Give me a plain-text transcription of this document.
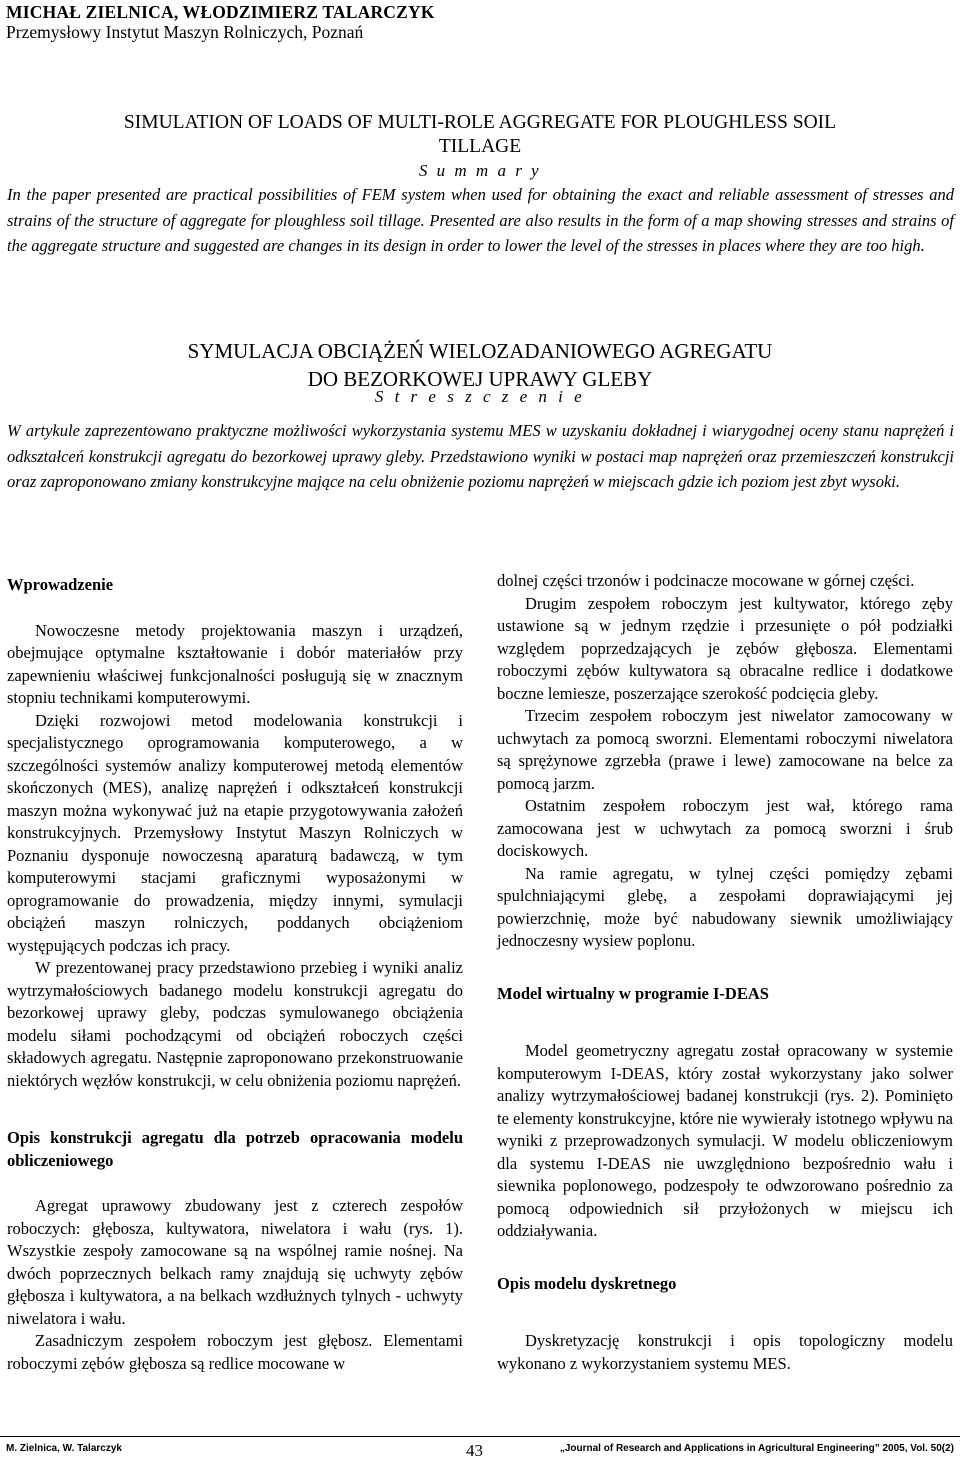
MICHAŁ ZIELNICA, WŁODZIMIERZ TALARCZYK
Przemysłowy Instytut Maszyn Rolniczych, Poznań
SIMULATION OF LOADS OF MULTI-ROLE AGGREGATE FOR PLOUGHLESS SOIL
TILLAGE
S u m m a r y

In the paper presented are practical possibilities of FEM system when used for obtaining the exact and reliable assessment of stresses and strains of the structure of aggregate for ploughless soil tillage. Presented are also results in the form of a map showing stresses and strains of the aggregate structure and suggested are changes in its design in order to lower the level of the stresses in places where they are too high.

SYMULACJA OBCIĄŻEŃ WIELOZADANIOWEGO AGREGATU
DO BEZORKOWEJ UPRAWY GLEBY
S t r e s z c z e n i e

W artykule zaprezentowano praktyczne możliwości wykorzystania systemu MES w uzyskaniu dokładnej i wiarygodnej oceny stanu naprężeń i odkształceń konstrukcji agregatu do bezorkowej uprawy gleby. Przedstawiono wyniki w postaci map naprężeń oraz przemieszczeń konstrukcji oraz zaproponowano zmiany konstrukcyjne mające na celu obniżenie poziomu naprężeń w miejscach gdzie ich poziom jest zbyt wysoki.

Wprowadzenie

Nowoczesne metody projektowania maszyn i urządzeń, obejmujące optymalne kształtowanie i dobór materiałów przy zapewnieniu właściwej funkcjonalności posługują się w znacznym stopniu technikami komputerowymi.

Dzięki rozwojowi metod modelowania konstrukcji i specjalistycznego oprogramowania komputerowego, a w szczególności systemów analizy komputerowej metodą elementów skończonych (MES), analizę naprężeń i odkształceń konstrukcji maszyn można wykonywać już na etapie przygotowywania założeń konstrukcyjnych. Przemysłowy Instytut Maszyn Rolniczych w Poznaniu dysponuje nowoczesną aparaturą badawczą, w tym komputerowymi stacjami graficznymi wyposażonymi w oprogramowanie do prowadzenia, między innymi, symulacji obciążeń maszyn rolniczych, poddanych obciążeniom występujących podczas ich pracy.

W prezentowanej pracy przedstawiono przebieg i wyniki analiz wytrzymałościowych badanego modelu konstrukcji agregatu do bezorkowej uprawy gleby, podczas symulowanego obciążenia modelu siłami pochodzącymi od obciążeń roboczych części składowych agregatu. Następnie zaproponowano przekonstruowanie niektórych węzłów konstrukcji, w celu obniżenia poziomu naprężeń.

Opis konstrukcji agregatu dla potrzeb opracowania modelu obliczeniowego

Agregat uprawowy zbudowany jest z czterech zespołów roboczych: głębosza, kultywatora, niwelatora i wału (rys. 1). Wszystkie zespoły zamocowane są na wspólnej ramie nośnej. Na dwóch poprzecznych belkach ramy znajdują się uchwyty zębów głębosza i kultywatora, a na belkach wzdłużnych tylnych - uchwyty niwelatora i wału.

Zasadniczym zespołem roboczym jest głębosz. Elementami roboczymi zębów głębosza są redlice mocowane w

dolnej części trzonów i podcinacze mocowane w górnej części.

Drugim zespołem roboczym jest kultywator, którego zęby ustawione są w jednym rzędzie i przesunięte o pół podziałki względem poprzedzających je zębów głębosza. Elementami roboczymi zębów kultywatora są obracalne redlice i dodatkowe boczne lemiesze, poszerzające szerokość podcięcia gleby.

Trzecim zespołem roboczym jest niwelator zamocowany w uchwytach za pomocą sworzni. Elementami roboczymi niwelatora są sprężynowe zgrzebła (prawe i lewe) zamocowane na belce za pomocą jarzm.

Ostatnim zespołem roboczym jest wał, którego rama zamocowana jest w uchwytach za pomocą sworzni i śrub dociskowych.

Na ramie agregatu, w tylnej części pomiędzy zębami spulchniającymi glebę, a zespołami doprawiającymi jej powierzchnię, może być nabudowany siewnik umożliwiający jednoczesny wysiew poplonu.

Model wirtualny w programie I-DEAS

Model geometryczny agregatu został opracowany w systemie komputerowym I-DEAS, który został wykorzystany jako solwer analizy wytrzymałościowej badanej konstrukcji (rys. 2). Pominięto te elementy konstrukcyjne, które nie wywierały istotnego wpływu na wyniki z przeprowadzonych symulacji. W modelu obliczeniowym dla systemu I-DEAS nie uwzględniono bezpośrednio wału i siewnika poplonowego, podzespoły te odwzorowano pośrednio za pomocą odpowiednich sił przyłożonych w miejscu ich oddziaływania.

Opis modelu dyskretnego

Dyskretyzację konstrukcji i opis topologiczny modelu wykonano z wykorzystaniem systemu MES.

M. Zielnica, W. Talarczyk	43	„Journal of Research and Applications in Agricultural Engineering” 2005, Vol. 50(2)
